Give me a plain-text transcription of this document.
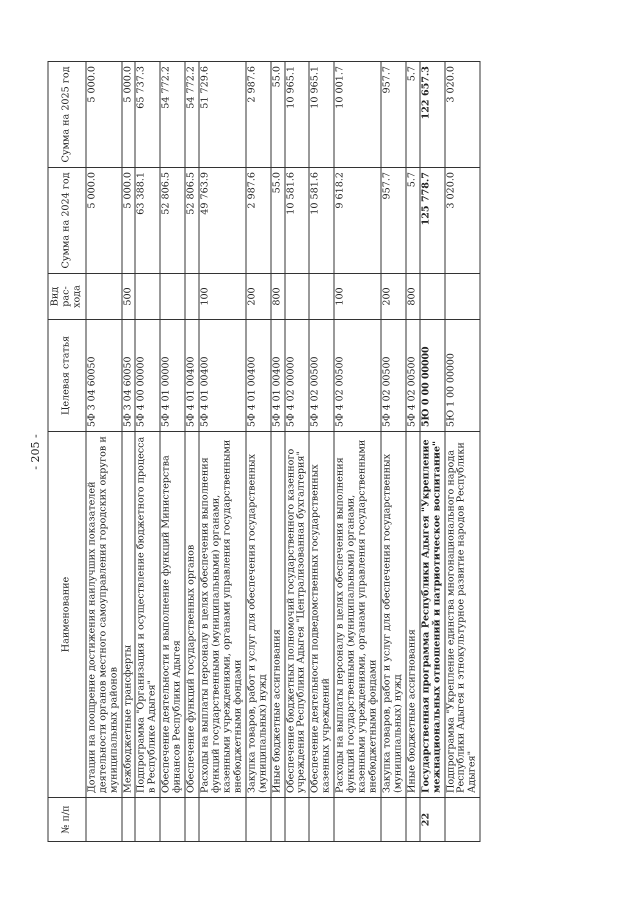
- 205 -
№ п/п	Наименование	Целевая статья	Вид рас-хода	Сумма на 2024 год	Сумма на 2025 год
	Дотации на поощрение достижения наилучших показателей деятельности органов местного самоуправления городских округов и муниципальных районов	5Ф 3 04 60050		5 000.0	5 000.0
	Межбюджетные трансферты	5Ф 3 04 60050	500	5 000.0	5 000.0
	Подпрограмма "Организация и осуществление бюджетного процесса в Республике Адыгея"	5Ф 4 00 00000		63 388.1	65 737.3
	Обеспечение деятельности и выполнение функций Министерства финансов Республики Адыгея	5Ф 4 01 00000		52 806.5	54 772.2
	Обеспечение функций государственных органов	5Ф 4 01 00400		52 806.5	54 772.2
	Расходы на выплаты персоналу в целях обеспечения выполнения функций государственными (муниципальными) органами, казенными учреждениями, органами управления государственными внебюджетными фондами	5Ф 4 01 00400	100	49 763.9	51 729.6
	Закупка товаров, работ и услуг для обеспечения государственных (муниципальных) нужд	5Ф 4 01 00400	200	2 987.6	2 987.6
	Иные бюджетные ассигнования	5Ф 4 01 00400	800	55.0	55.0
	Обеспечение бюджетных полномочий государственного казенного учреждения Республики Адыгея "Централизованная бухгалтерия"	5Ф 4 02 00000		10 581.6	10 965.1
	Обеспечение деятельности подведомственных государственных казенных учреждений	5Ф 4 02 00500		10 581.6	10 965.1
	Расходы на выплаты персоналу в целях обеспечения выполнения функций государственными (муниципальными) органами, казенными учреждениями, органами управления государственными внебюджетными фондами	5Ф 4 02 00500	100	9 618.2	10 001.7
	Закупка товаров, работ и услуг для обеспечения государственных (муниципальных) нужд	5Ф 4 02 00500	200	957.7	957.7
	Иные бюджетные ассигнования	5Ф 4 02 00500	800	5.7	5.7
22	Государственная программа Республики Адыгея "Укрепление межнациональных отношений и патриотическое воспитание"	5Ю 0 00 00000		125 778.7	122 657.3
	Подпрограмма "Укрепление единства многонационального народа Республики Адыгея и этнокультурное развитие народов Республики Адыгея"	5Ю 1 00 00000		3 020.0	3 020.0
